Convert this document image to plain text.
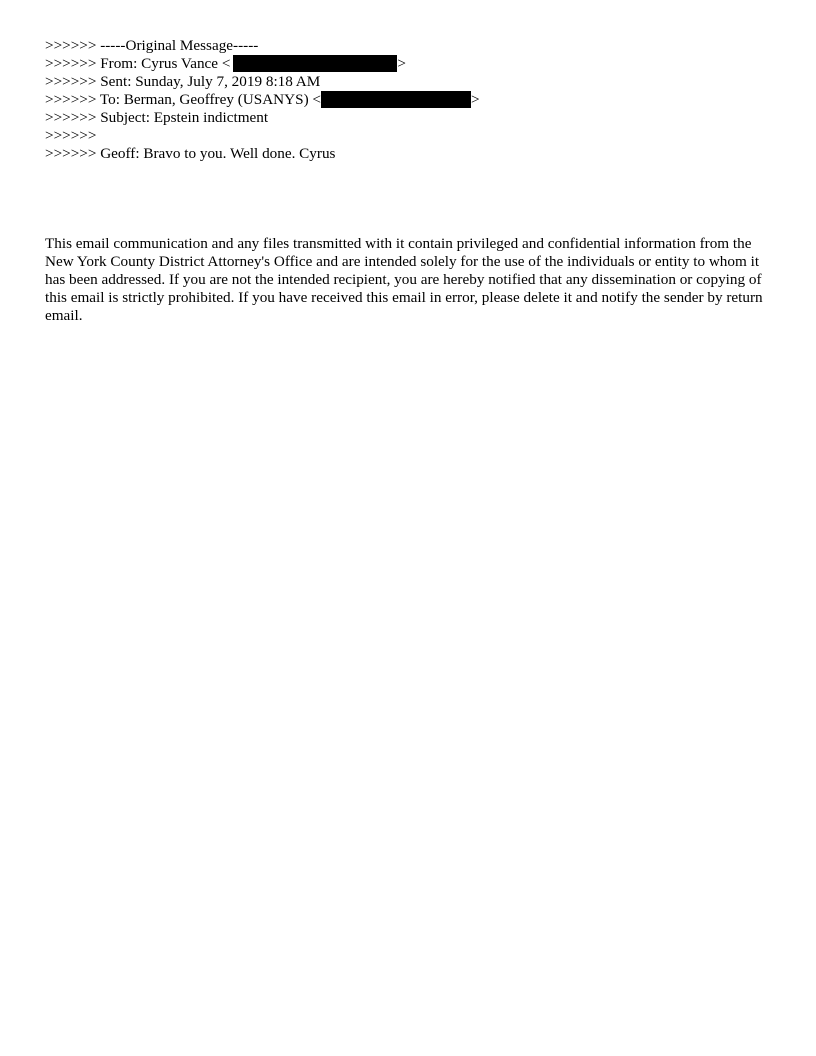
>>>>>> -----Original Message-----
>>>>>> From: Cyrus Vance <	>
>>>>>> Sent: Sunday, July 7, 2019 8:18 AM
>>>>>> To: Berman, Geoffrey (USANYS) <	>
>>>>>> Subject: Epstein indictment
>>>>>>
>>>>>> Geoff: Bravo to you. Well done. Cyrus
This email communication and any files transmitted with it contain privileged and confidential information from the New York County District Attorney's Office and are intended solely for the use of the individuals or entity to whom it has been addressed. If you are not the intended recipient, you are hereby notified that any dissemination or copying of this email is strictly prohibited. If you have received this email in error, please delete it and notify the sender by return email.
